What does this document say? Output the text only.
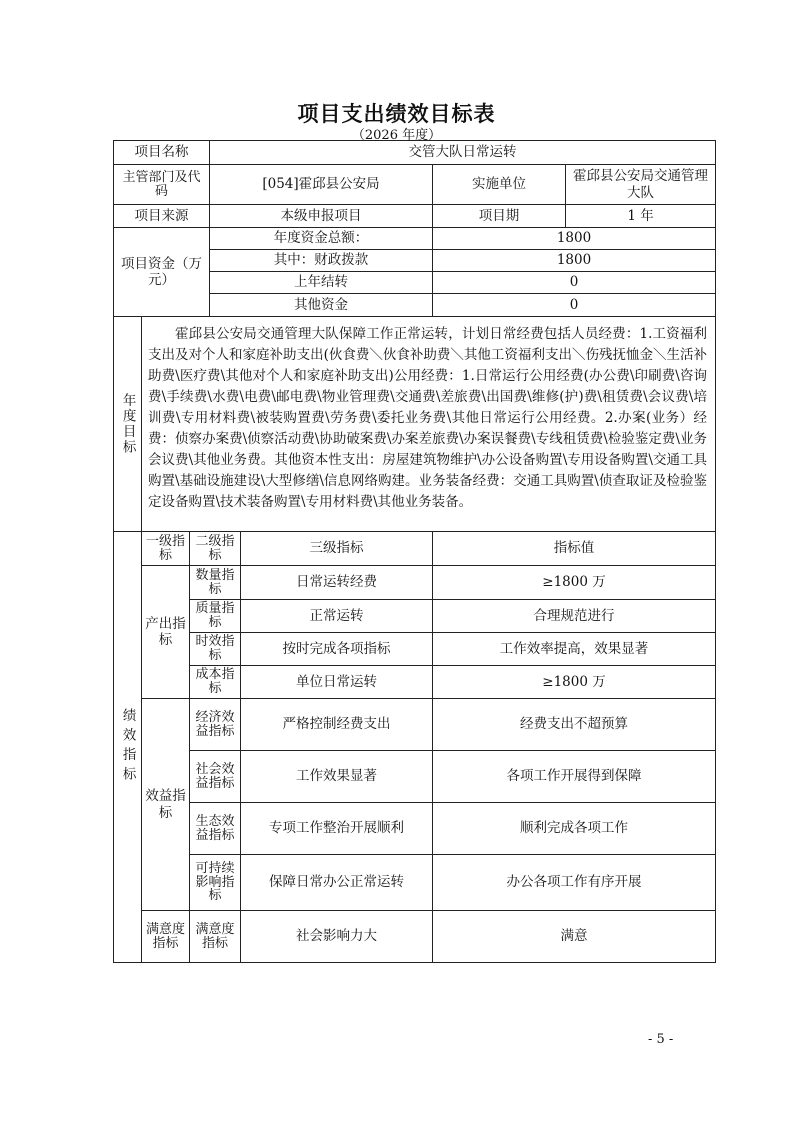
项目支出绩效目标表
（2026 年度）
项目名称			交管大队日常运转			
主管部门及代码			[054]霍邱县公安局		实施单位	霍邱县公安局交通管理大队
项目来源			本级申报项目		项目期	1 年
项目资金（万元）			年度资金总额：		1800	
			其中：财政拨款		1800	
			上年结转		0	
			其他资金		0	

年度目标	霍邱县公安局交通管理大队保障工作正常运转，计划日常经费包括人员经费：1.工资福利支出及对个人和家庭补助支出(伙食费＼伙食补助费＼其他工资福利支出＼伤残抚恤金＼生活补助费\医疗费\其他对个人和家庭补助支出)公用经费：1.日常运行公用经费(办公费\印刷费\咨询费\手续费\水费\电费\邮电费\物业管理费\交通费\差旅费\出国费\维修(护)费\租赁费\会议费\培训费\专用材料费\被装购置费\劳务费\委托业务费\其他日常运行公用经费。2.办案(业务）经费：侦察办案费\侦察活动费\协助破案费\办案差旅费\办案误餐费\专线租赁费\检验鉴定费\业务会议费\其他业务费。其他资本性支出：房屋建筑物维护\办公设备购置\专用设备购置\交通工具购置\基础设施建设\大型修缮\信息网络购建。业务装备经费：交通工具购置\侦查取证及检验鉴定设备购置\技术装备购置\专用材料费\其他业务装备。					

绩效指标	一级指标	二级指标		三级指标	指标值	
	产出指标	数量指标		日常运转经费	≥1800 万	
		质量指标		正常运转	合理规范进行	
		时效指标		按时完成各项指标	工作效率提高，效果显著	
		成本指标		单位日常运转	≥1800 万	
	效益指标	经济效益指标		严格控制经费支出	经费支出不超预算	
		社会效益指标		工作效果显著	各项工作开展得到保障	
		生态效益指标		专项工作整治开展顺利	顺利完成各项工作	
		可持续影响指标		保障日常办公正常运转	办公各项工作有序开展	
	满意度指标	满意度指标		社会影响力大	满意	
- 5 -
